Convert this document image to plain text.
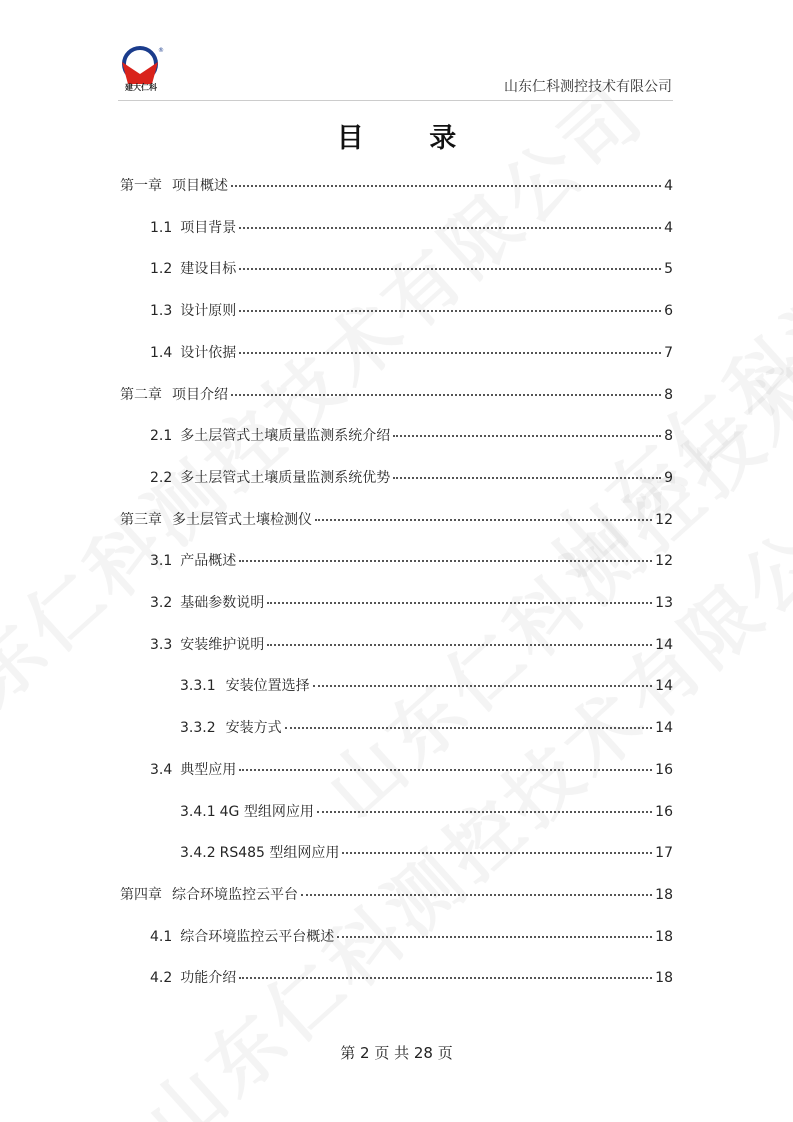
®
建大仁科	山东仁科测控技术有限公司
目 录
第一章 项目概述	4
1.1 项目背景	4
1.2 建设目标	5
1.3 设计原则	6
1.4 设计依据	7
第二章 项目介绍	8
2.1 多土层管式土壤质量监测系统介绍	8
2.2 多土层管式土壤质量监测系统优势	9
第三章 多土层管式土壤检测仪	12
3.1 产品概述	12
3.2 基础参数说明	13
3.3 安装维护说明	14
3.3.1 安装位置选择	14
3.3.2 安装方式	14
3.4 典型应用	16
3.4.1 4G 型组网应用	16
3.4.2 RS485 型组网应用	17
第四章 综合环境监控云平台	18
4.1 综合环境监控云平台概述	18
4.2 功能介绍	18
第 2 页 共 28 页
